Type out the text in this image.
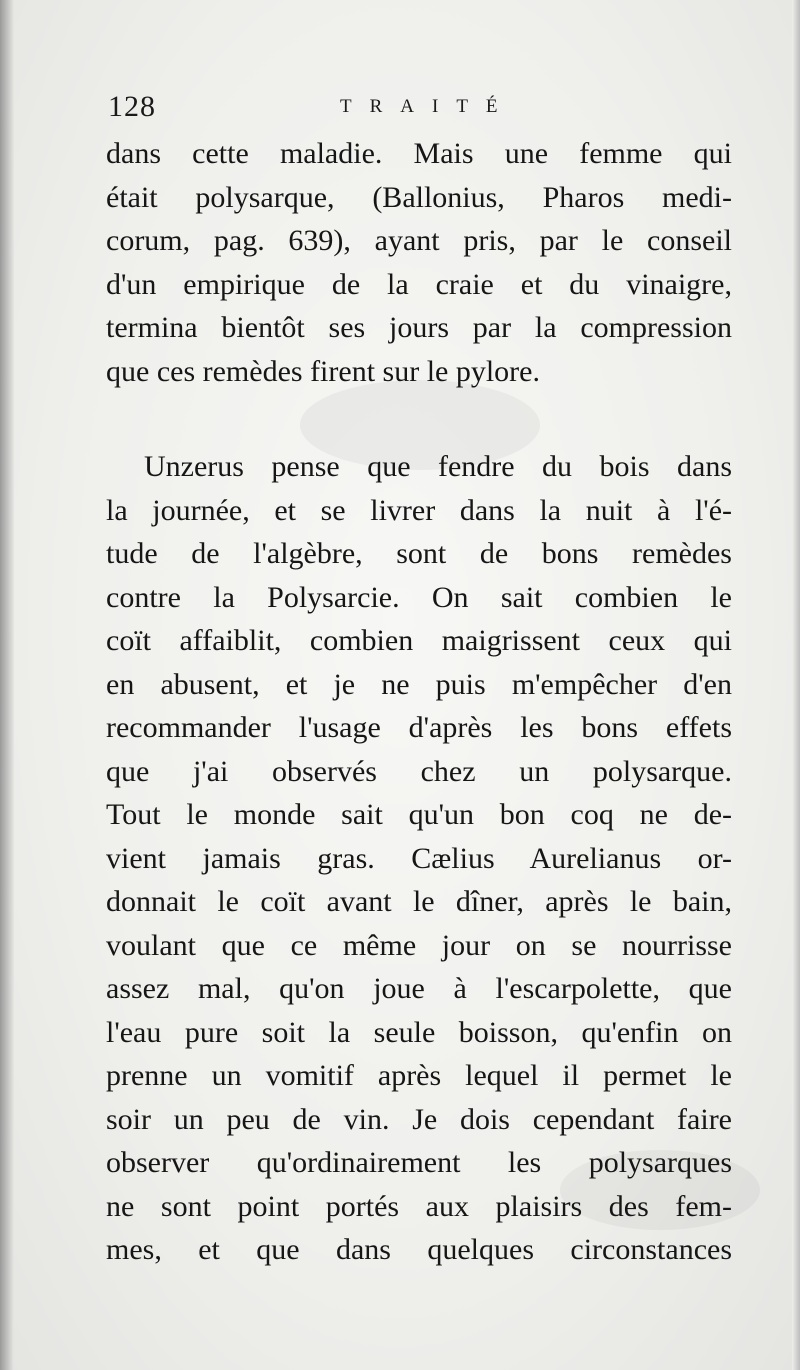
128	TRAITÉ
dans cette maladie. Mais une femme qui
était polysarque, (Ballonius, Pharos medi-
corum, pag. 639), ayant pris, par le conseil
d'un empirique de la craie et du vinaigre,
termina bientôt ses jours par la compression
que ces remèdes firent sur le pylore.
Unzerus pense que fendre du bois dans
la journée, et se livrer dans la nuit à l'é-
tude de l'algèbre, sont de bons remèdes
contre la Polysarcie. On sait combien le
coït affaiblit, combien maigrissent ceux qui
en abusent, et je ne puis m'empêcher d'en
recommander l'usage d'après les bons effets
que j'ai observés chez un polysarque.
Tout le monde sait qu'un bon coq ne de-
vient jamais gras. Cælius Aurelianus or-
donnait le coït avant le dîner, après le bain,
voulant que ce même jour on se nourrisse
assez mal, qu'on joue à l'escarpolette, que
l'eau pure soit la seule boisson, qu'enfin on
prenne un vomitif après lequel il permet le
soir un peu de vin. Je dois cependant faire
observer qu'ordinairement les polysarques
ne sont point portés aux plaisirs des fem-
mes, et que dans quelques circonstances
